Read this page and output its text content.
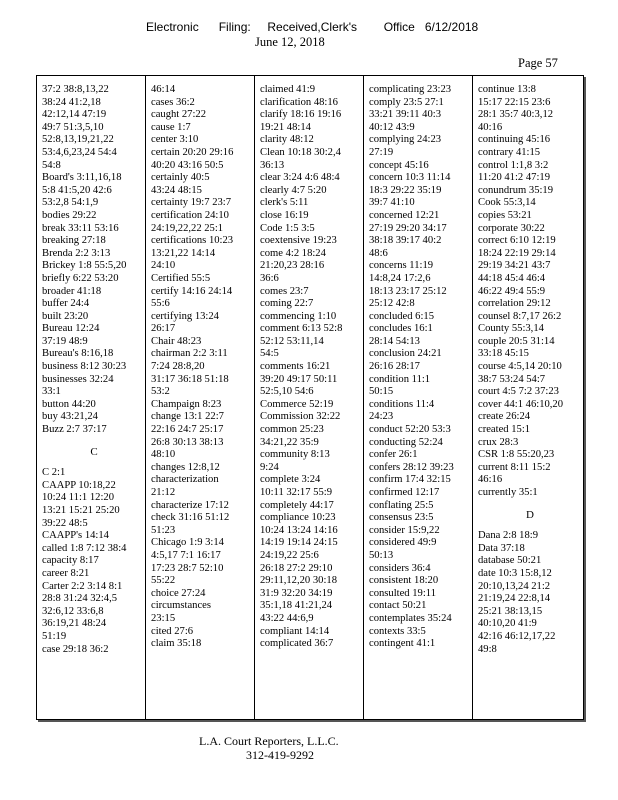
Electronic      Filing:     Received,Clerk's        Office   6/12/2018
June 12, 2018
Page 57
37:2 38:8,13,22
38:24 41:2,18
42:12,14 47:19
49:7 51:3,5,10
52:8,13,19,21,22
53:4,6,23,24 54:4
54:8
Board's 3:11,16,18
5:8 41:5,20 42:6
53:2,8 54:1,9
bodies 29:22
break 33:11 53:16
breaking 27:18
Brenda 2:2 3:13
Brickey 1:8 55:5,20
briefly 6:22 53:20
broader 41:18
buffer 24:4
built 23:20
Bureau 12:24
37:19 48:9
Bureau's 8:16,18
business 8:12 30:23
businesses 32:24
33:1
button 44:20
buy 43:21,24
Buzz 2:7 37:17
C
C 2:1
CAAPP 10:18,22
10:24 11:1 12:20
13:21 15:21 25:20
39:22 48:5
CAAPP's 14:14
called 1:8 7:12 38:4
capacity 8:17
career 8:21
Carter 2:2 3:14 8:1
28:8 31:24 32:4,5
32:6,12 33:6,8
36:19,21 48:24
51:19
case 29:18 36:2
46:14
cases 36:2
caught 27:22
cause 1:7
center 3:10
certain 20:20 29:16
40:20 43:16 50:5
certainly 40:5
43:24 48:15
certainty 19:7 23:7
certification 24:10
24:19,22,22 25:1
certifications 10:23
13:21,22 14:14
24:10
Certified 55:5
certify 14:16 24:14
55:6
certifying 13:24
26:17
Chair 48:23
chairman 2:2 3:11
7:24 28:8,20
31:17 36:18 51:18
53:2
Champaign 8:23
change 13:1 22:7
22:16 24:7 25:17
26:8 30:13 38:13
48:10
changes 12:8,12
characterization
21:12
characterize 17:12
check 31:16 51:12
51:23
Chicago 1:9 3:14
4:5,17 7:1 16:17
17:23 28:7 52:10
55:22
choice 27:24
circumstances
23:15
cited 27:6
claim 35:18
claimed 41:9
clarification 48:16
clarify 18:16 19:16
19:21 48:14
clarity 48:12
Clean 10:18 30:2,4
36:13
clear 3:24 4:6 48:4
clearly 4:7 5:20
clerk's 5:11
close 16:19
Code 1:5 3:5
coextensive 19:23
come 4:2 18:24
21:20,23 28:16
36:6
comes 23:7
coming 22:7
commencing 1:10
comment 6:13 52:8
52:12 53:11,14
54:5
comments 16:21
39:20 49:17 50:11
52:5,10 54:6
Commerce 52:19
Commission 32:22
common 25:23
34:21,22 35:9
community 8:13
9:24
complete 3:24
10:11 32:17 55:9
completely 44:17
compliance 10:23
10:24 13:24 14:16
14:19 19:14 24:15
24:19,22 25:6
26:18 27:2 29:10
29:11,12,20 30:18
31:9 32:20 34:19
35:1,18 41:21,24
43:22 44:6,9
compliant 14:14
complicated 36:7
complicating 23:23
comply 23:5 27:1
33:21 39:11 40:3
40:12 43:9
complying 24:23
27:19
concept 45:16
concern 10:3 11:14
18:3 29:22 35:19
39:7 41:10
concerned 12:21
27:19 29:20 34:17
38:18 39:17 40:2
48:6
concerns 11:19
14:8,24 17:2,6
18:13 23:17 25:12
25:12 42:8
concluded 6:15
concludes 16:1
28:14 54:13
conclusion 24:21
26:16 28:17
condition 11:1
50:15
conditions 11:4
24:23
conduct 52:20 53:3
conducting 52:24
confer 26:1
confers 28:12 39:23
confirm 17:4 32:15
confirmed 12:17
conflating 25:5
consensus 23:5
consider 15:9,22
considered 49:9
50:13
considers 36:4
consistent 18:20
consulted 19:11
contact 50:21
contemplates 35:24
contexts 33:5
contingent 41:1
continue 13:8
15:17 22:15 23:6
28:1 35:7 40:3,12
40:16
continuing 45:16
contrary 41:15
control 1:1,8 3:2
11:20 41:2 47:19
conundrum 35:19
Cook 55:3,14
copies 53:21
corporate 30:22
correct 6:10 12:19
18:24 22:19 29:14
29:19 34:21 43:7
44:18 45:4 46:4
46:22 49:4 55:9
correlation 29:12
counsel 8:7,17 26:2
County 55:3,14
couple 20:5 31:14
33:18 45:15
course 4:5,14 20:10
38:7 53:24 54:7
court 4:5 7:2 37:23
cover 44:1 46:10,20
create 26:24
created 15:1
crux 28:3
CSR 1:8 55:20,23
current 8:11 15:2
46:16
currently 35:1
D
Dana 2:8 18:9
Data 37:18
database 50:21
date 10:3 15:8,12
20:10,13,24 21:2
21:19,24 22:8,14
25:21 38:13,15
40:10,20 41:9
42:16 46:12,17,22
49:8
L.A. Court Reporters, L.L.C.
312-419-9292
